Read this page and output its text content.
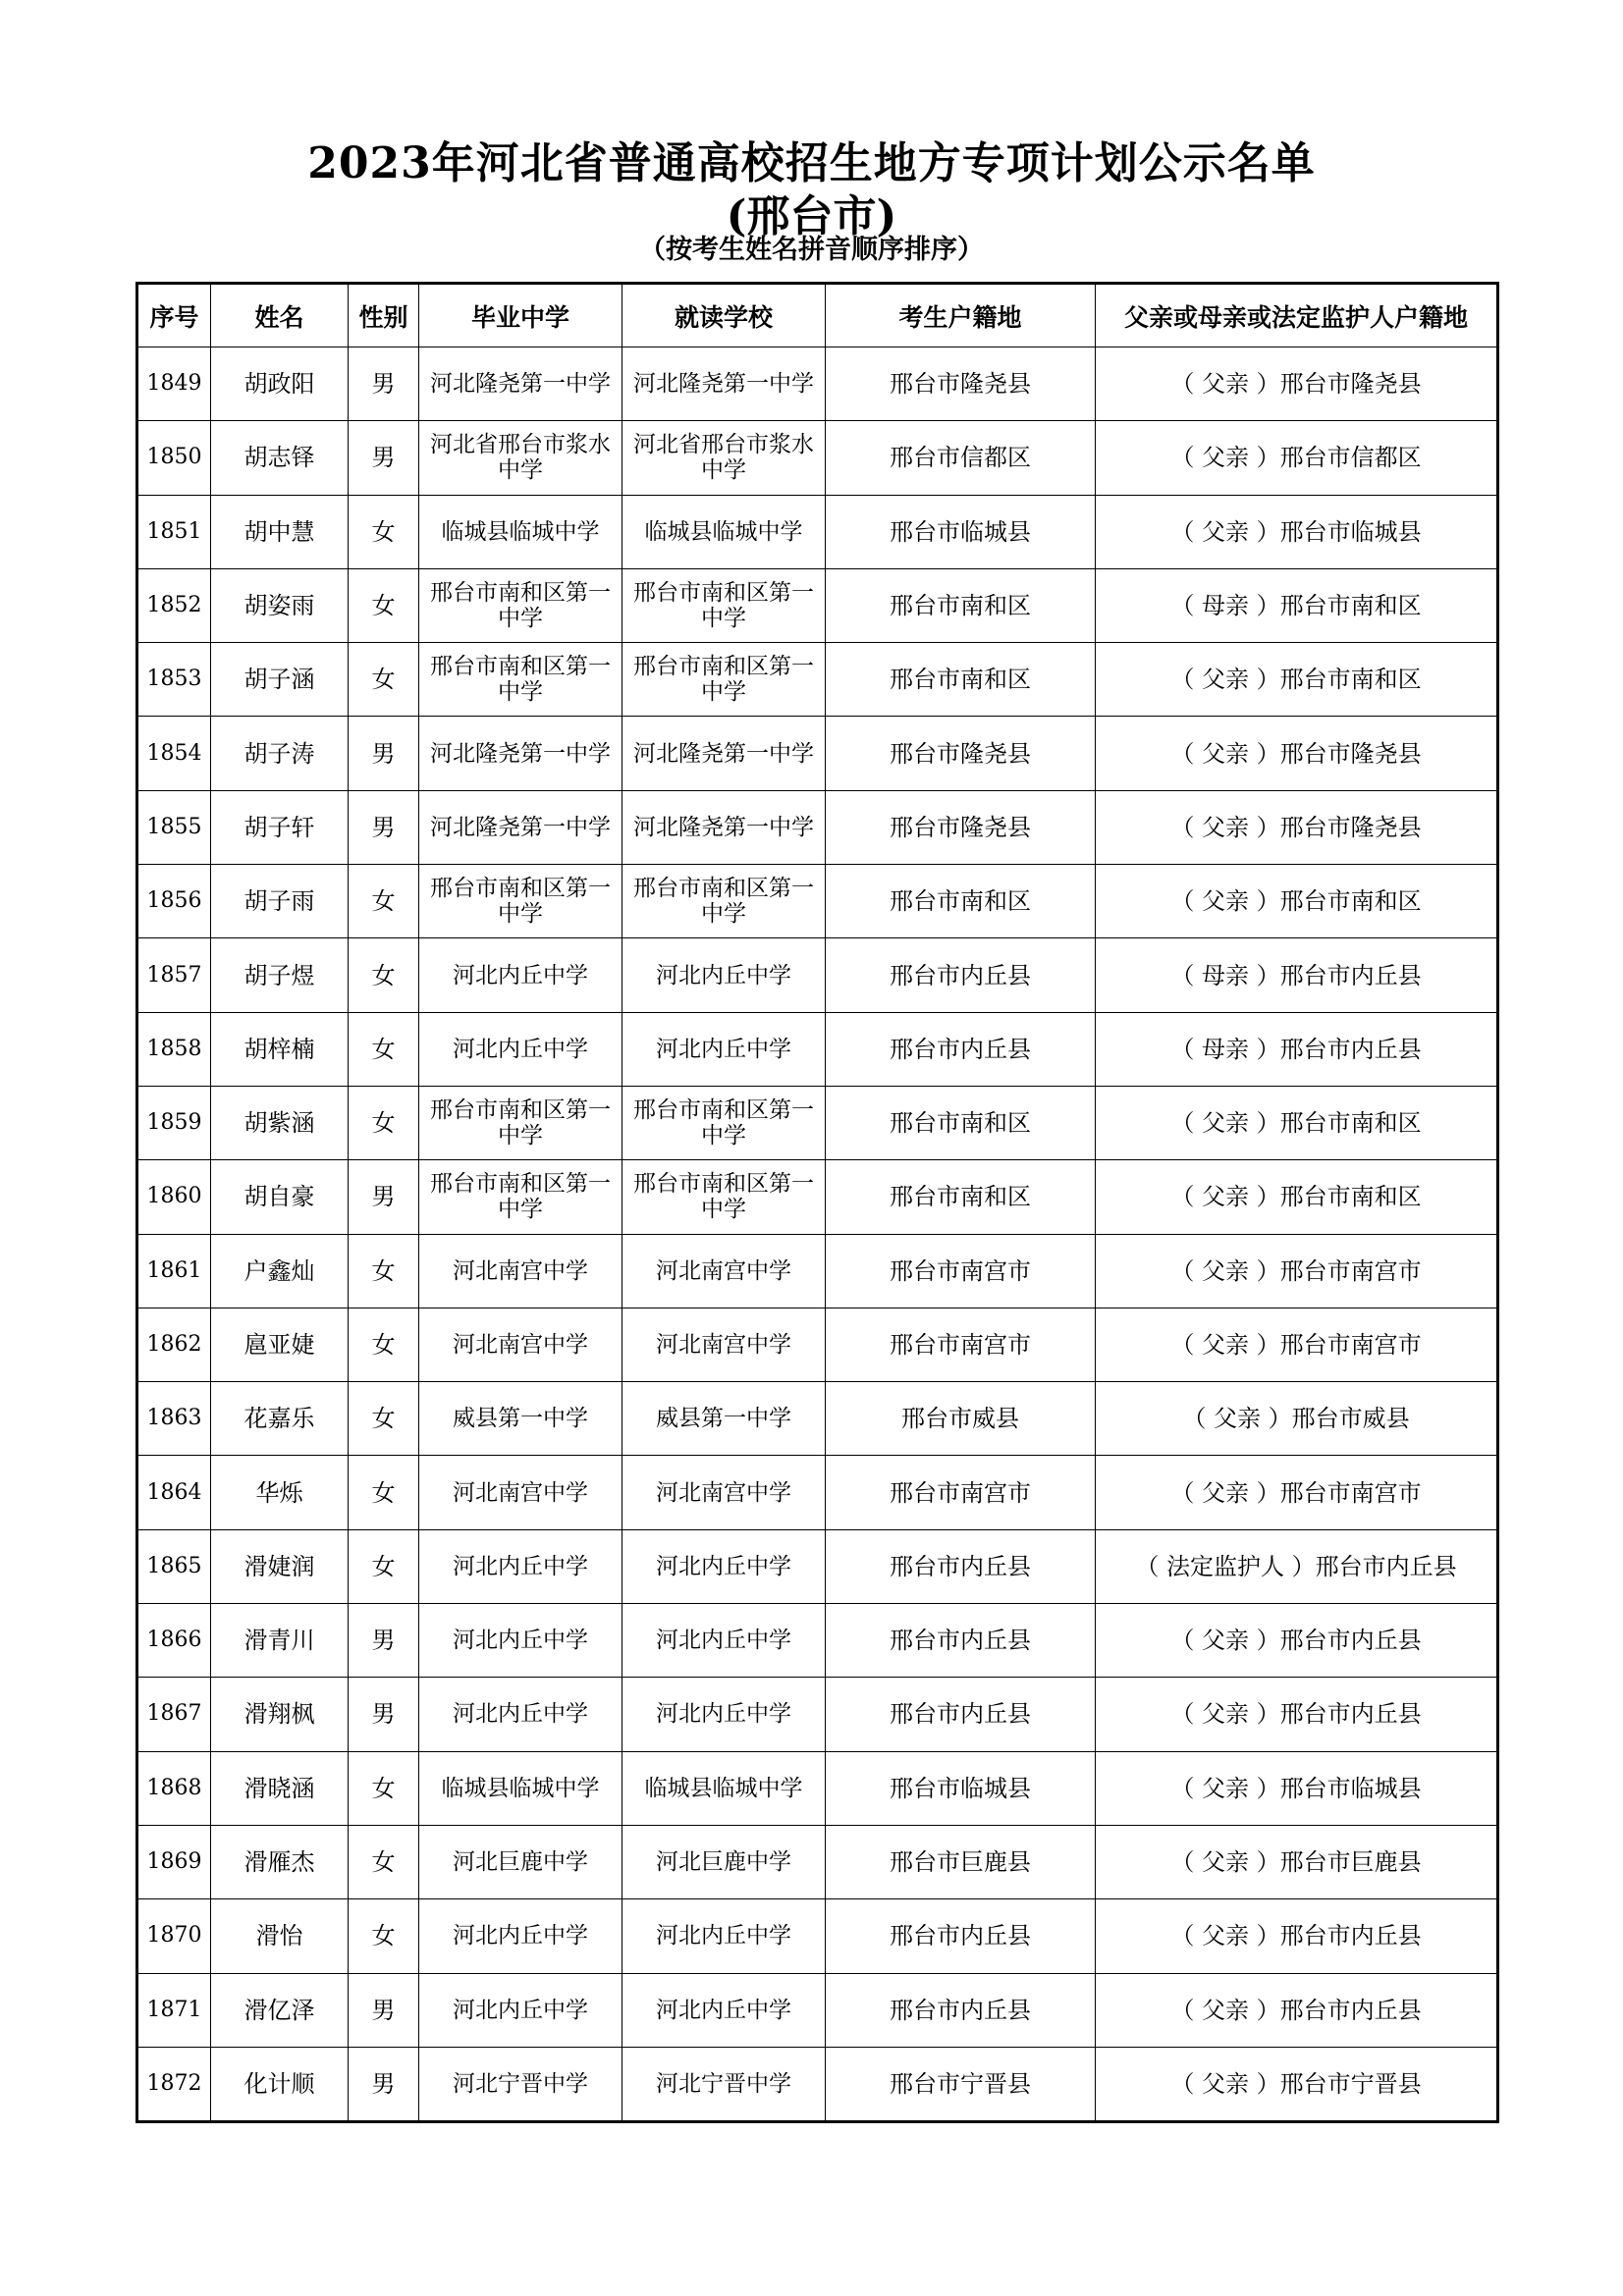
2023年河北省普通高校招生地方专项计划公示名单
(邢台市)
（按考生姓名拼音顺序排序）
序号	姓名	性别	毕业中学	就读学校	考生户籍地	父亲或母亲或法定监护人户籍地
1849	胡政阳	男	河北隆尧第一中学	河北隆尧第一中学	邢台市隆尧县	（ 父亲 ）邢台市隆尧县
1850	胡志铎	男	河北省邢台市浆水中学	河北省邢台市浆水中学	邢台市信都区	（ 父亲 ）邢台市信都区
1851	胡中慧	女	临城县临城中学	临城县临城中学	邢台市临城县	（ 父亲 ）邢台市临城县
1852	胡姿雨	女	邢台市南和区第一中学	邢台市南和区第一中学	邢台市南和区	（ 母亲 ）邢台市南和区
1853	胡子涵	女	邢台市南和区第一中学	邢台市南和区第一中学	邢台市南和区	（ 父亲 ）邢台市南和区
1854	胡子涛	男	河北隆尧第一中学	河北隆尧第一中学	邢台市隆尧县	（ 父亲 ）邢台市隆尧县
1855	胡子轩	男	河北隆尧第一中学	河北隆尧第一中学	邢台市隆尧县	（ 父亲 ）邢台市隆尧县
1856	胡子雨	女	邢台市南和区第一中学	邢台市南和区第一中学	邢台市南和区	（ 父亲 ）邢台市南和区
1857	胡子煜	女	河北内丘中学	河北内丘中学	邢台市内丘县	（ 母亲 ）邢台市内丘县
1858	胡梓楠	女	河北内丘中学	河北内丘中学	邢台市内丘县	（ 母亲 ）邢台市内丘县
1859	胡紫涵	女	邢台市南和区第一中学	邢台市南和区第一中学	邢台市南和区	（ 父亲 ）邢台市南和区
1860	胡自豪	男	邢台市南和区第一中学	邢台市南和区第一中学	邢台市南和区	（ 父亲 ）邢台市南和区
1861	户鑫灿	女	河北南宫中学	河北南宫中学	邢台市南宫市	（ 父亲 ）邢台市南宫市
1862	扈亚婕	女	河北南宫中学	河北南宫中学	邢台市南宫市	（ 父亲 ）邢台市南宫市
1863	花嘉乐	女	威县第一中学	威县第一中学	邢台市威县	（ 父亲 ）邢台市威县
1864	华烁	女	河北南宫中学	河北南宫中学	邢台市南宫市	（ 父亲 ）邢台市南宫市
1865	滑婕润	女	河北内丘中学	河北内丘中学	邢台市内丘县	（ 法定监护人 ）邢台市内丘县
1866	滑青川	男	河北内丘中学	河北内丘中学	邢台市内丘县	（ 父亲 ）邢台市内丘县
1867	滑翔枫	男	河北内丘中学	河北内丘中学	邢台市内丘县	（ 父亲 ）邢台市内丘县
1868	滑晓涵	女	临城县临城中学	临城县临城中学	邢台市临城县	（ 父亲 ）邢台市临城县
1869	滑雁杰	女	河北巨鹿中学	河北巨鹿中学	邢台市巨鹿县	（ 父亲 ）邢台市巨鹿县
1870	滑怡	女	河北内丘中学	河北内丘中学	邢台市内丘县	（ 父亲 ）邢台市内丘县
1871	滑亿泽	男	河北内丘中学	河北内丘中学	邢台市内丘县	（ 父亲 ）邢台市内丘县
1872	化计顺	男	河北宁晋中学	河北宁晋中学	邢台市宁晋县	（ 父亲 ）邢台市宁晋县
